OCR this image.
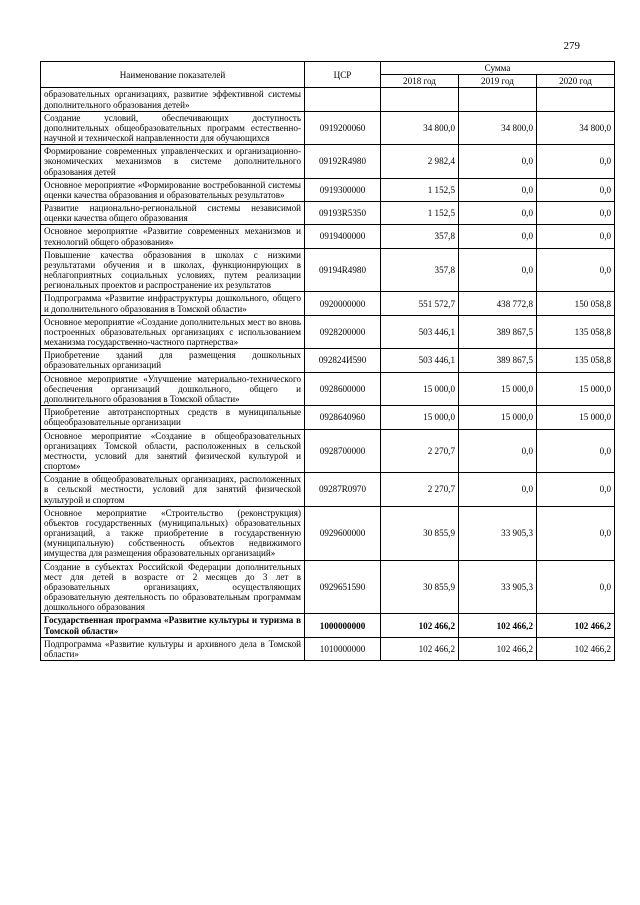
279
Наименование показателей	ЦСР	Сумма		
		2018 год	2019 год	2020 год
образовательных организациях, развитие эффективной системы дополнительного образования детей»				
Создание условий, обеспечивающих доступность дополнительных общеобразовательных программ естественно-научной и технической направленности для обучающихся	0919200060	34 800,0	34 800,0	34 800,0
Формирование современных управленческих и организационно-экономических механизмов в системе дополнительного образования детей	09192R4980	2 982,4	0,0	0,0
Основное мероприятие «Формирование востребованной системы оценки качества образования и образовательных результатов»	0919300000	1 152,5	0,0	0,0
Развитие национально-региональной системы независимой оценки качества общего образования	09193R5350	1 152,5	0,0	0,0
Основное мероприятие «Развитие современных механизмов и технологий общего образования»	0919400000	357,8	0,0	0,0
Повышение качества образования в школах с низкими результатами обучения и в школах, функционирующих в неблагоприятных социальных условиях, путем реализации региональных проектов и распространение их результатов	09194R4980	357,8	0,0	0,0
Подпрограмма «Развитие инфраструктуры дошкольного, общего и дополнительного образования в Томской области»	0920000000	551 572,7	438 772,8	150 058,8
Основное мероприятие «Создание дополнительных мест во вновь построенных образовательных организациях с использованием механизма государственно-частного партнерства»	0928200000	503 446,1	389 867,5	135 058,8
Приобретение зданий для размещения дошкольных образовательных организаций	092824И590	503 446,1	389 867,5	135 058,8
Основное мероприятие «Улучшение материально-технического обеспечения организаций дошкольного, общего и дополнительного образования в Томской области»	0928600000	15 000,0	15 000,0	15 000,0
Приобретение автотранспортных средств в муниципальные общеобразовательные организации	0928640960	15 000,0	15 000,0	15 000,0
Основное мероприятие «Создание в общеобразовательных организациях Томской области, расположенных в сельской местности, условий для занятий физической культурой и спортом»	0928700000	2 270,7	0,0	0,0
Создание в общеобразовательных организациях, расположенных в сельской местности, условий для занятий физической культурой и спортом	09287R0970	2 270,7	0,0	0,0
Основное мероприятие «Строительство (реконструкция) объектов государственных (муниципальных) образовательных организаций, а также приобретение в государственную (муниципальную) собственность объектов недвижимого имущества для размещения образовательных организаций»	0929600000	30 855,9	33 905,3	0,0
Создание в субъектах Российской Федерации дополнительных мест для детей в возрасте от 2 месяцев до 3 лет в образовательных организациях, осуществляющих образовательную деятельность по образовательным программам дошкольного образования	0929651590	30 855,9	33 905,3	0,0
Государственная программа «Развитие культуры и туризма в Томской области»	1000000000	102 466,2	102 466,2	102 466,2
Подпрограмма «Развитие культуры и архивного дела в Томской области»	1010000000	102 466,2	102 466,2	102 466,2
